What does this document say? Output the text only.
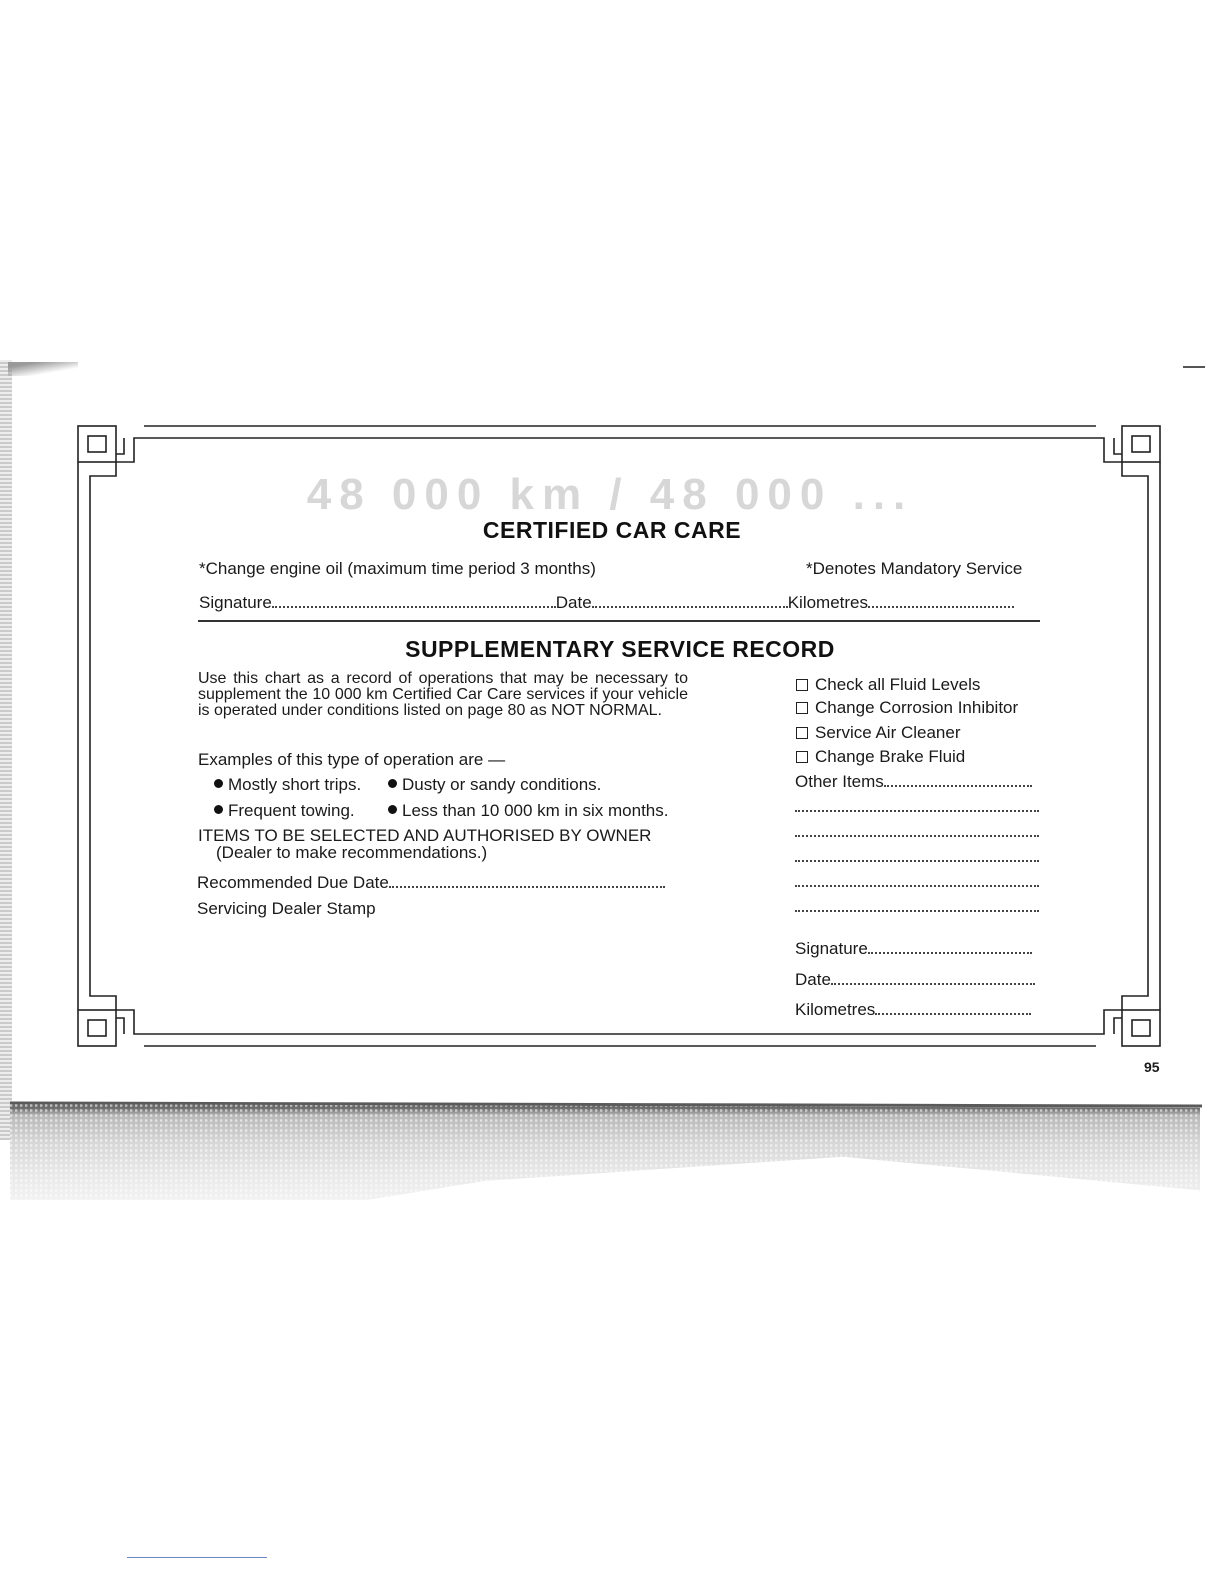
48 000 km / 48 000 ...
CERTIFIED CAR CARE
*Change engine oil (maximum time period 3 months)	*Denotes Mandatory Service
Signature	Date	Kilometres
SUPPLEMENTARY SERVICE RECORD
Use this chart as a record of operations that may be necessary to supplement the 10 000 km Certified Car Care services if your vehicle is operated under conditions listed on page 80 as NOT NORMAL.
Examples of this type of operation are —
Mostly short trips.	Dusty or sandy conditions.
Frequent towing.	Less than 10 000 km in six months.
ITEMS TO BE SELECTED AND AUTHORISED BY OWNER
(Dealer to make recommendations.)
Recommended Due Date
Servicing Dealer Stamp
Check all Fluid Levels
Change Corrosion Inhibitor
Service Air Cleaner
Change Brake Fluid
Other Items
Signature
Date
Kilometres
95
